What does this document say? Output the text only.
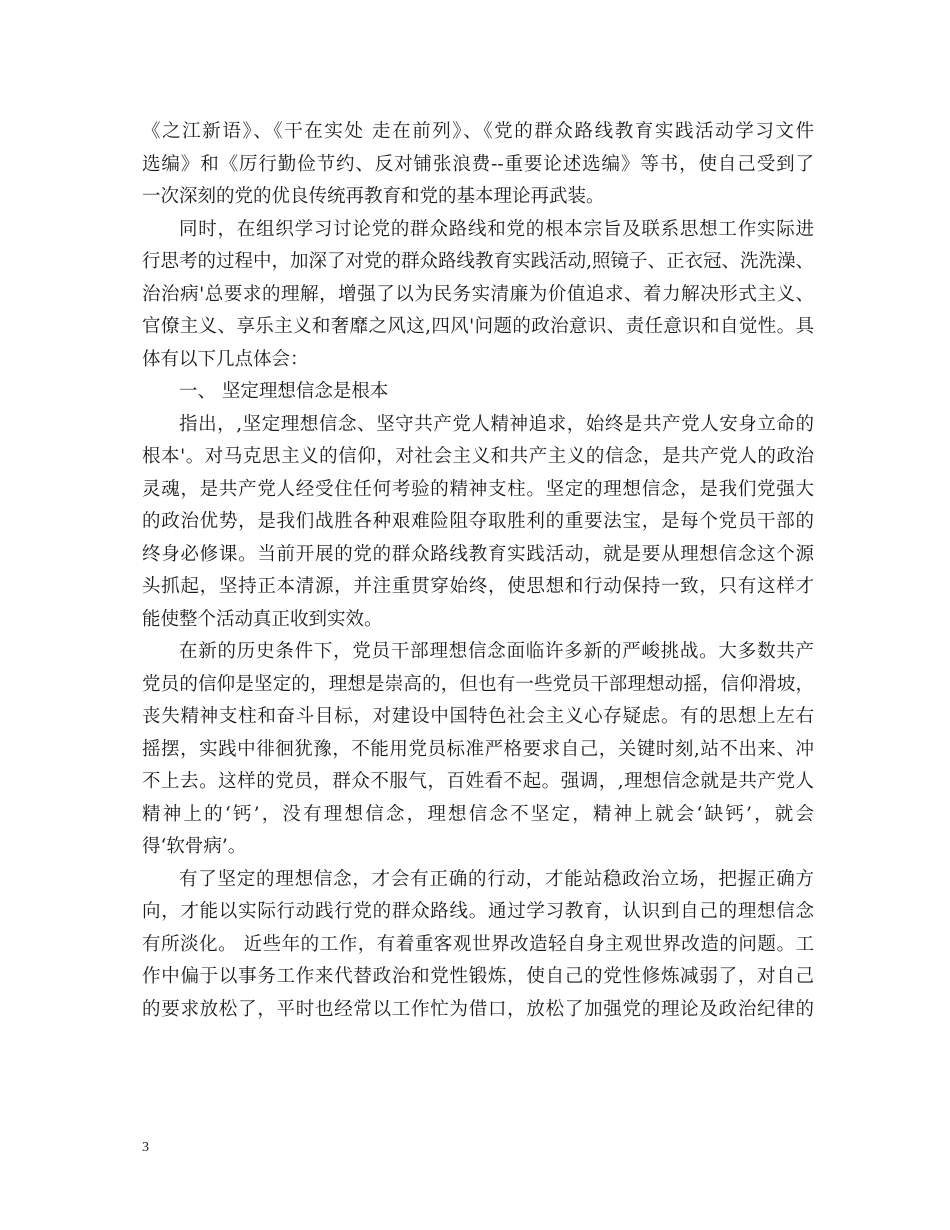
《之江新语》、《干在实处 走在前列》、《党的群众路线教育实践活动学习文件
选编》和《厉行勤俭节约、反对铺张浪费--重要论述选编》等书，使自己受到了
一次深刻的党的优良传统再教育和党的基本理论再武装。
同时，在组织学习讨论党的群众路线和党的根本宗旨及联系思想工作实际进
行思考的过程中，加深了对党的群众路线教育实践活动,照镜子、正衣冠、洗洗澡、
治治病'总要求的理解，增强了以为民务实清廉为价值追求、着力解决形式主义、
官僚主义、享乐主义和奢靡之风这,四风'问题的政治意识、责任意识和自觉性。具
体有以下几点体会：
一、 坚定理想信念是根本
指出，,坚定理想信念、坚守共产党人精神追求，始终是共产党人安身立命的
根本'。对马克思主义的信仰，对社会主义和共产主义的信念，是共产党人的政治
灵魂，是共产党人经受住任何考验的精神支柱。坚定的理想信念，是我们党强大
的政治优势，是我们战胜各种艰难险阻夺取胜利的重要法宝，是每个党员干部的
终身必修课。当前开展的党的群众路线教育实践活动，就是要从理想信念这个源
头抓起，坚持正本清源，并注重贯穿始终，使思想和行动保持一致，只有这样才
能使整个活动真正收到实效。
在新的历史条件下，党员干部理想信念面临许多新的严峻挑战。大多数共产
党员的信仰是坚定的，理想是崇高的，但也有一些党员干部理想动摇，信仰滑坡，
丧失精神支柱和奋斗目标，对建设中国特色社会主义心存疑虑。有的思想上左右
摇摆，实践中徘徊犹豫，不能用党员标准严格要求自己，关键时刻,站不出来、冲
不上去。这样的党员，群众不服气，百姓看不起。强调，,理想信念就是共产党人
精神上的‘钙’，没有理想信念，理想信念不坚定，精神上就会‘缺钙’，就会
得‘软骨病’。
有了坚定的理想信念，才会有正确的行动，才能站稳政治立场，把握正确方
向，才能以实际行动践行党的群众路线。通过学习教育，认识到自己的理想信念
有所淡化。 近些年的工作，有着重客观世界改造轻自身主观世界改造的问题。工
作中偏于以事务工作来代替政治和党性锻炼，使自己的党性修炼减弱了，对自己
的要求放松了，平时也经常以工作忙为借口，放松了加强党的理论及政治纪律的
3
